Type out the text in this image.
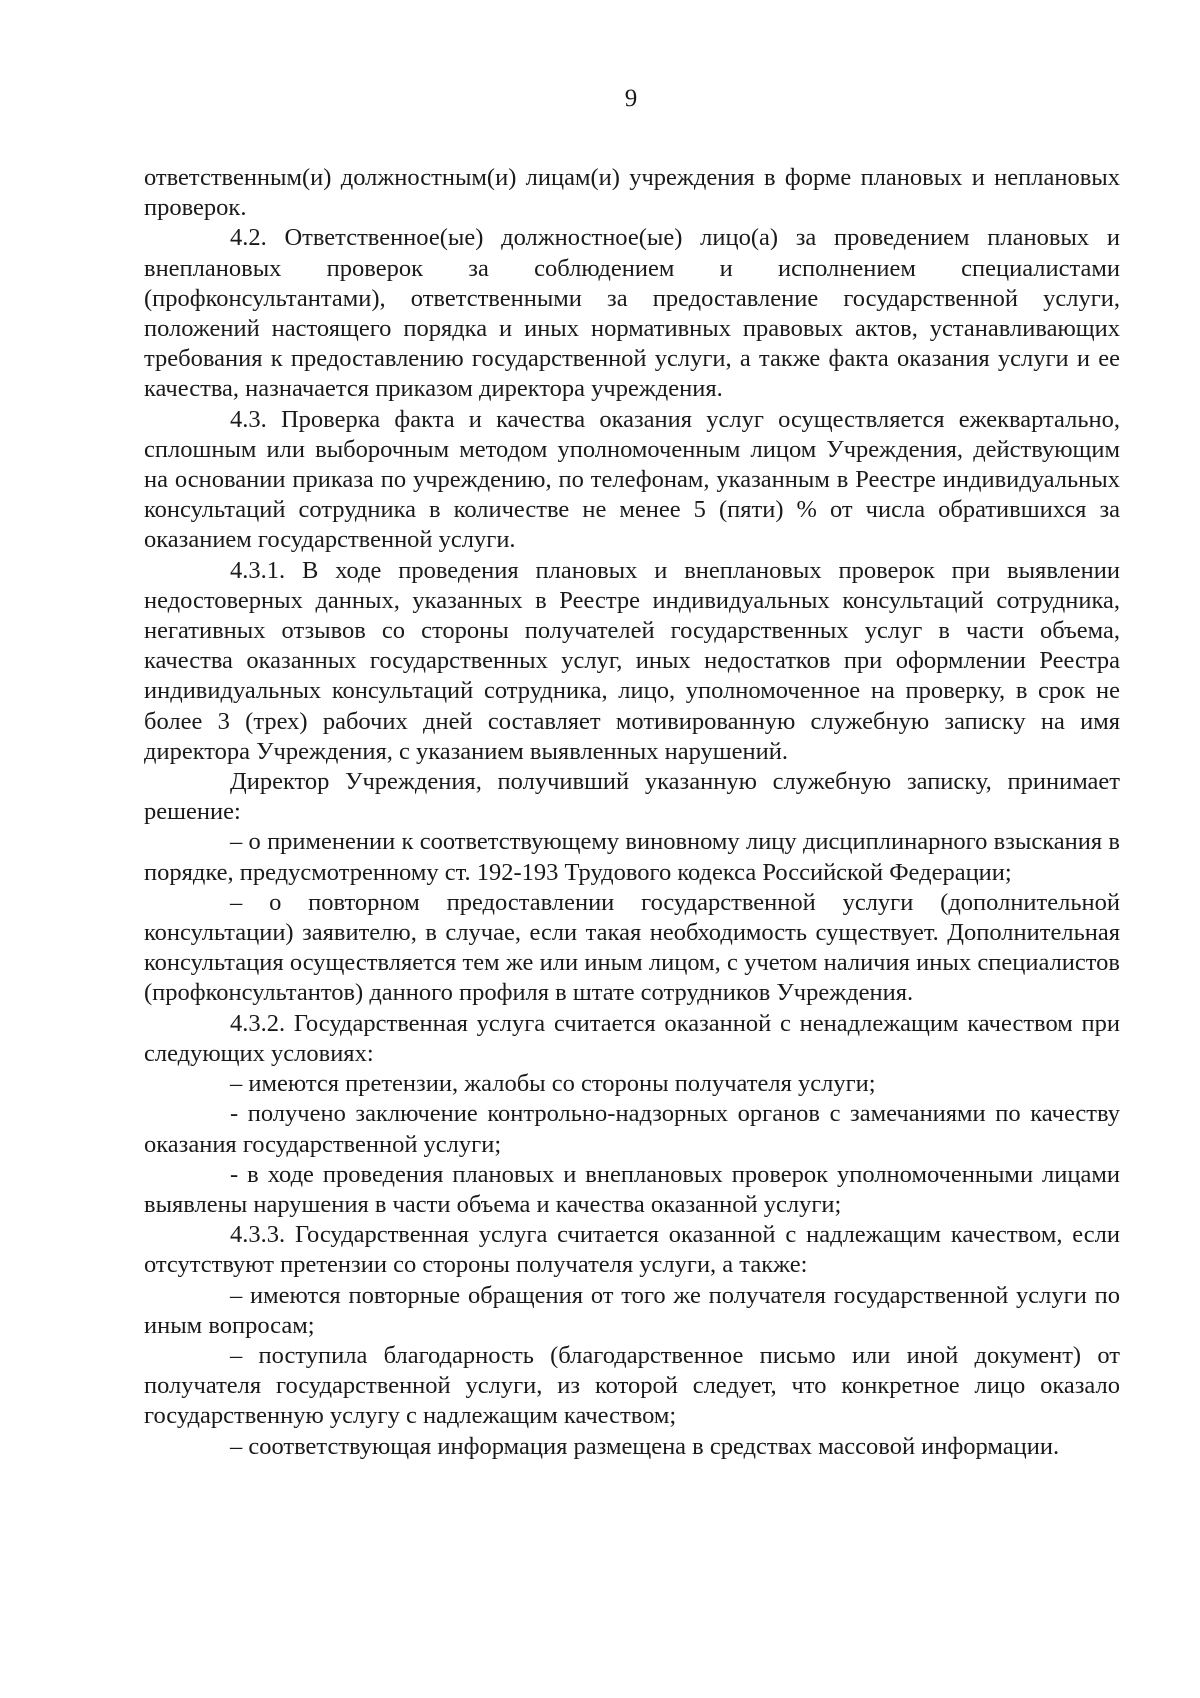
9

ответственным(и) должностным(и) лицам(и) учреждения в форме плановых и неплановых проверок.

4.2. Ответственное(ые) должностное(ые) лицо(а) за проведением плановых и внеплановых проверок за соблюдением и исполнением специалистами (профконсультантами), ответственными за предоставление государственной услуги, положений настоящего порядка и иных нормативных правовых актов, устанавливающих требования к предоставлению государственной услуги, а также факта оказания услуги и ее качества, назначается приказом директора учреждения.

4.3. Проверка факта и качества оказания услуг осуществляется ежеквартально, сплошным или выборочным методом уполномоченным лицом Учреждения, действующим на основании приказа по учреждению, по телефонам, указанным в Реестре индивидуальных консультаций сотрудника в количестве не менее 5 (пяти) % от числа обратившихся за оказанием государственной услуги.

4.3.1. В ходе проведения плановых и внеплановых проверок при выявлении недостоверных данных, указанных в Реестре индивидуальных консультаций сотрудника, негативных отзывов со стороны получателей государственных услуг в части объема, качества оказанных государственных услуг, иных недостатков при оформлении Реестра индивидуальных консультаций сотрудника, лицо, уполномоченное на проверку, в срок не более 3 (трех) рабочих дней составляет мотивированную служебную записку на имя директора Учреждения, с указанием выявленных нарушений.

Директор Учреждения, получивший указанную служебную записку, принимает решение:

– о применении к соответствующему виновному лицу дисциплинарного взыскания в порядке, предусмотренному ст. 192-193 Трудового кодекса Российской Федерации;

– о повторном предоставлении государственной услуги (дополнительной консультации) заявителю, в случае, если такая необходимость существует. Дополнительная консультация осуществляется тем же или иным лицом, с учетом наличия иных специалистов (профконсультантов) данного профиля в штате сотрудников Учреждения.

4.3.2. Государственная услуга считается оказанной с ненадлежащим качеством при следующих условиях:

– имеются претензии, жалобы со стороны получателя услуги;

- получено заключение контрольно-надзорных органов с замечаниями по качеству оказания государственной услуги;

- в ходе проведения плановых и внеплановых проверок уполномоченными лицами выявлены нарушения в части объема и качества оказанной услуги;

4.3.3. Государственная услуга считается оказанной с надлежащим качеством, если отсутствуют претензии со стороны получателя услуги, а также:

– имеются повторные обращения от того же получателя государственной услуги по иным вопросам;

– поступила благодарность (благодарственное письмо или иной документ) от получателя государственной услуги, из которой следует, что конкретное лицо оказало государственную услугу с надлежащим качеством;

– соответствующая информация размещена в средствах массовой информации.
